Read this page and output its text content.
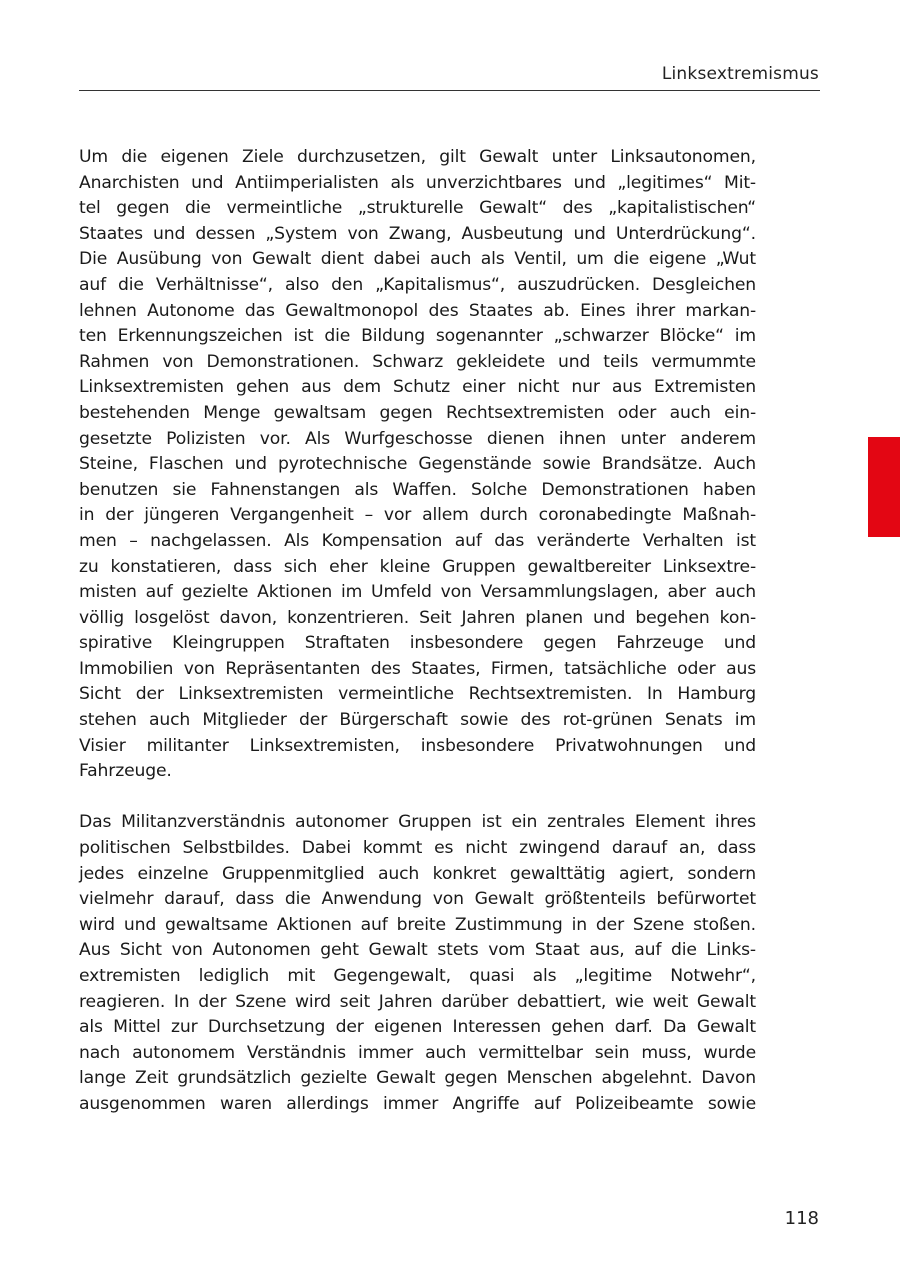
Linksextremismus
Um die eigenen Ziele durchzusetzen, gilt Gewalt unter Linksautonomen,
Anarchisten und Antiimperialisten als unverzichtbares und „legitimes“ Mit-
tel gegen die vermeintliche „strukturelle Gewalt“ des „kapitalistischen“
Staates und dessen „System von Zwang, Ausbeutung und Unterdrückung“.
Die Ausübung von Gewalt dient dabei auch als Ventil, um die eigene „Wut
auf die Verhältnisse“, also den „Kapitalismus“, auszudrücken. Desgleichen
lehnen Autonome das Gewaltmonopol des Staates ab. Eines ihrer markan-
ten Erkennungszeichen ist die Bildung sogenannter „schwarzer Blöcke“ im
Rahmen von Demonstrationen. Schwarz gekleidete und teils vermummte
Linksextremisten gehen aus dem Schutz einer nicht nur aus Extremisten
bestehenden Menge gewaltsam gegen Rechtsextremisten oder auch ein-
gesetzte Polizisten vor. Als Wurfgeschosse dienen ihnen unter anderem
Steine, Flaschen und pyrotechnische Gegenstände sowie Brandsätze. Auch
benutzen sie Fahnenstangen als Waffen. Solche Demonstrationen haben
in der jüngeren Vergangenheit – vor allem durch coronabedingte Maßnah-
men – nachgelassen. Als Kompensation auf das veränderte Verhalten ist
zu konstatieren, dass sich eher kleine Gruppen gewaltbereiter Linksextre-
misten auf gezielte Aktionen im Umfeld von Versammlungslagen, aber auch
völlig losgelöst davon, konzentrieren. Seit Jahren planen und begehen kon-
spirative Kleingruppen Straftaten insbesondere gegen Fahrzeuge und
Immobilien von Repräsentanten des Staates, Firmen, tatsächliche oder aus
Sicht der Linksextremisten vermeintliche Rechtsextremisten. In Hamburg
stehen auch Mitglieder der Bürgerschaft sowie des rot-grünen Senats im
Visier militanter Linksextremisten, insbesondere Privatwohnungen und
Fahrzeuge.
Das Militanzverständnis autonomer Gruppen ist ein zentrales Element ihres
politischen Selbstbildes. Dabei kommt es nicht zwingend darauf an, dass
jedes einzelne Gruppenmitglied auch konkret gewalttätig agiert, sondern
vielmehr darauf, dass die Anwendung von Gewalt größtenteils befürwortet
wird und gewaltsame Aktionen auf breite Zustimmung in der Szene stoßen.
Aus Sicht von Autonomen geht Gewalt stets vom Staat aus, auf die Links-
extremisten lediglich mit Gegengewalt, quasi als „legitime Notwehr“,
reagieren. In der Szene wird seit Jahren darüber debattiert, wie weit Gewalt
als Mittel zur Durchsetzung der eigenen Interessen gehen darf. Da Gewalt
nach autonomem Verständnis immer auch vermittelbar sein muss, wurde
lange Zeit grundsätzlich gezielte Gewalt gegen Menschen abgelehnt. Davon
ausgenommen waren allerdings immer Angriffe auf Polizeibeamte sowie
118
